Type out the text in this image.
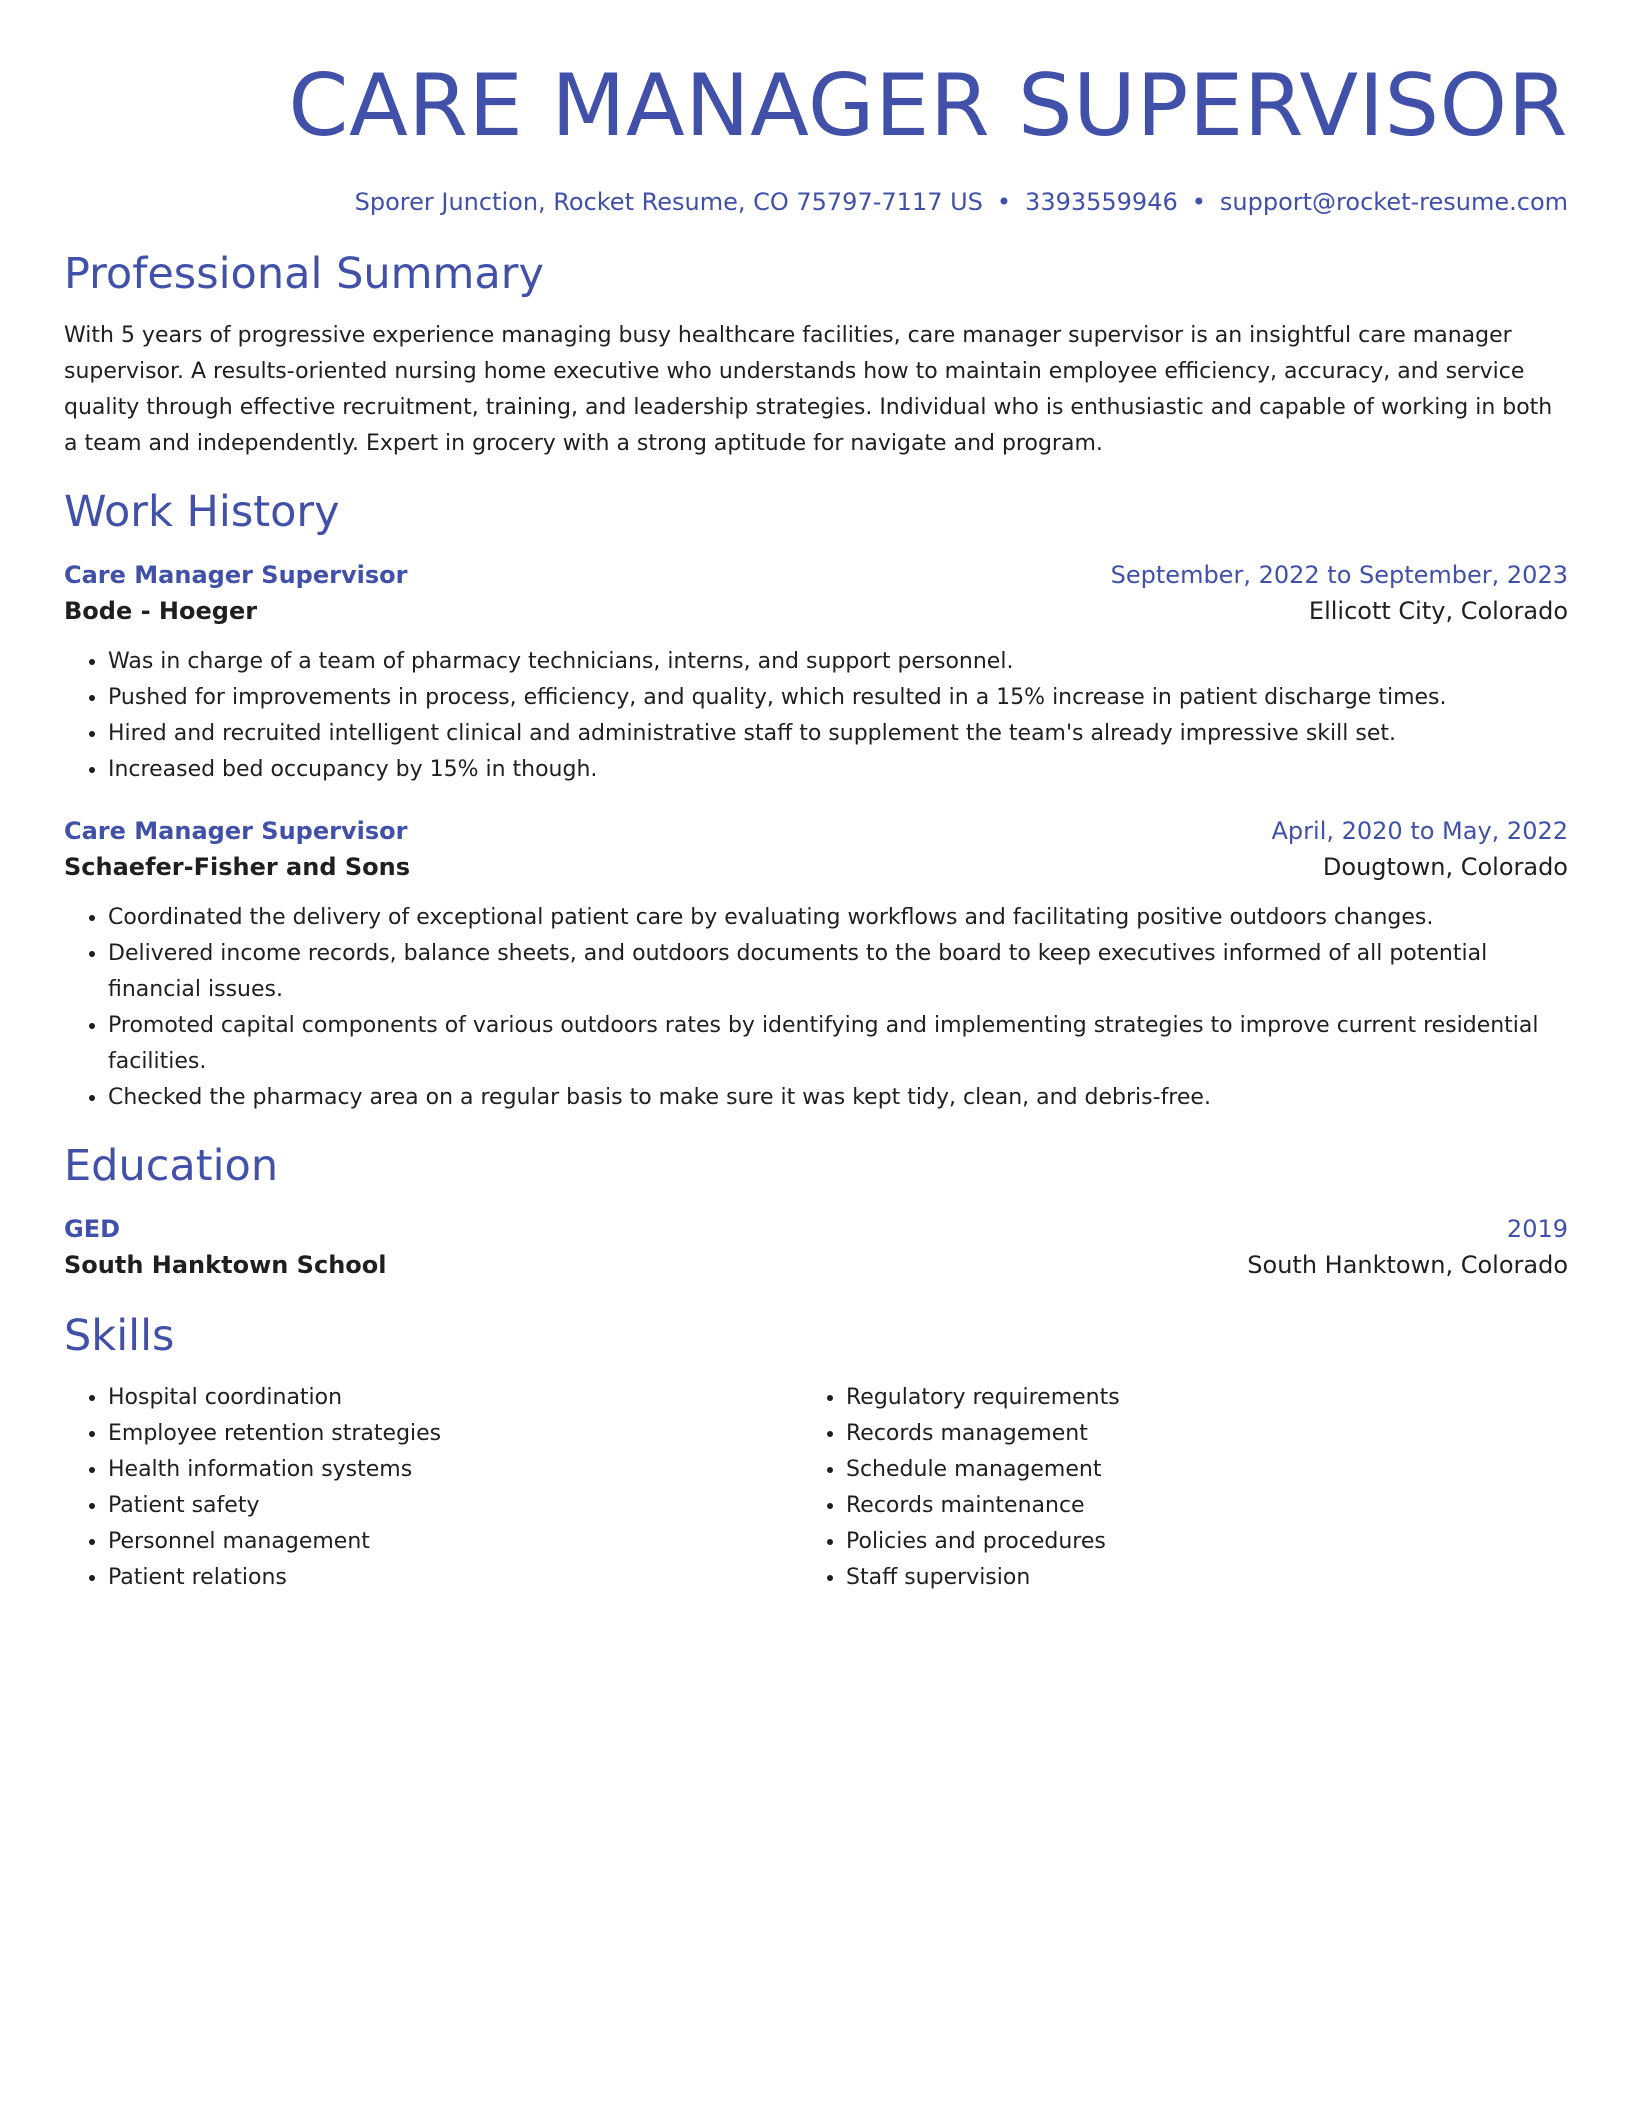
CARE MANAGER SUPERVISOR
Sporer Junction, Rocket Resume, CO 75797-7117 US • 3393559946 • support@rocket-resume.com
Professional Summary

With 5 years of progressive experience managing busy healthcare facilities, care manager supervisor is an insightful care manager supervisor. A results-oriented nursing home executive who understands how to maintain employee efficiency, accuracy, and service quality through effective recruitment, training, and leadership strategies. Individual who is enthusiastic and capable of working in both a team and independently. Expert in grocery with a strong aptitude for navigate and program.

Work History
Care Manager Supervisor	September, 2022 to September, 2023
Bode - Hoeger	Ellicott City, Colorado
• Was in charge of a team of pharmacy technicians, interns, and support personnel.
• Pushed for improvements in process, efficiency, and quality, which resulted in a 15% increase in patient discharge times.
• Hired and recruited intelligent clinical and administrative staff to supplement the team's already impressive skill set.
• Increased bed occupancy by 15% in though.
Care Manager Supervisor	April, 2020 to May, 2022
Schaefer-Fisher and Sons	Dougtown, Colorado
• Coordinated the delivery of exceptional patient care by evaluating workflows and facilitating positive outdoors changes.
• Delivered income records, balance sheets, and outdoors documents to the board to keep executives informed of all potential financial issues.
• Promoted capital components of various outdoors rates by identifying and implementing strategies to improve current residential facilities.
• Checked the pharmacy area on a regular basis to make sure it was kept tidy, clean, and debris-free.
Education
GED	2019
South Hanktown School	South Hanktown, Colorado
Skills
• Hospital coordination
• Employee retention strategies
• Health information systems
• Patient safety
• Personnel management
• Patient relations
• Regulatory requirements
• Records management
• Schedule management
• Records maintenance
• Policies and procedures
• Staff supervision
